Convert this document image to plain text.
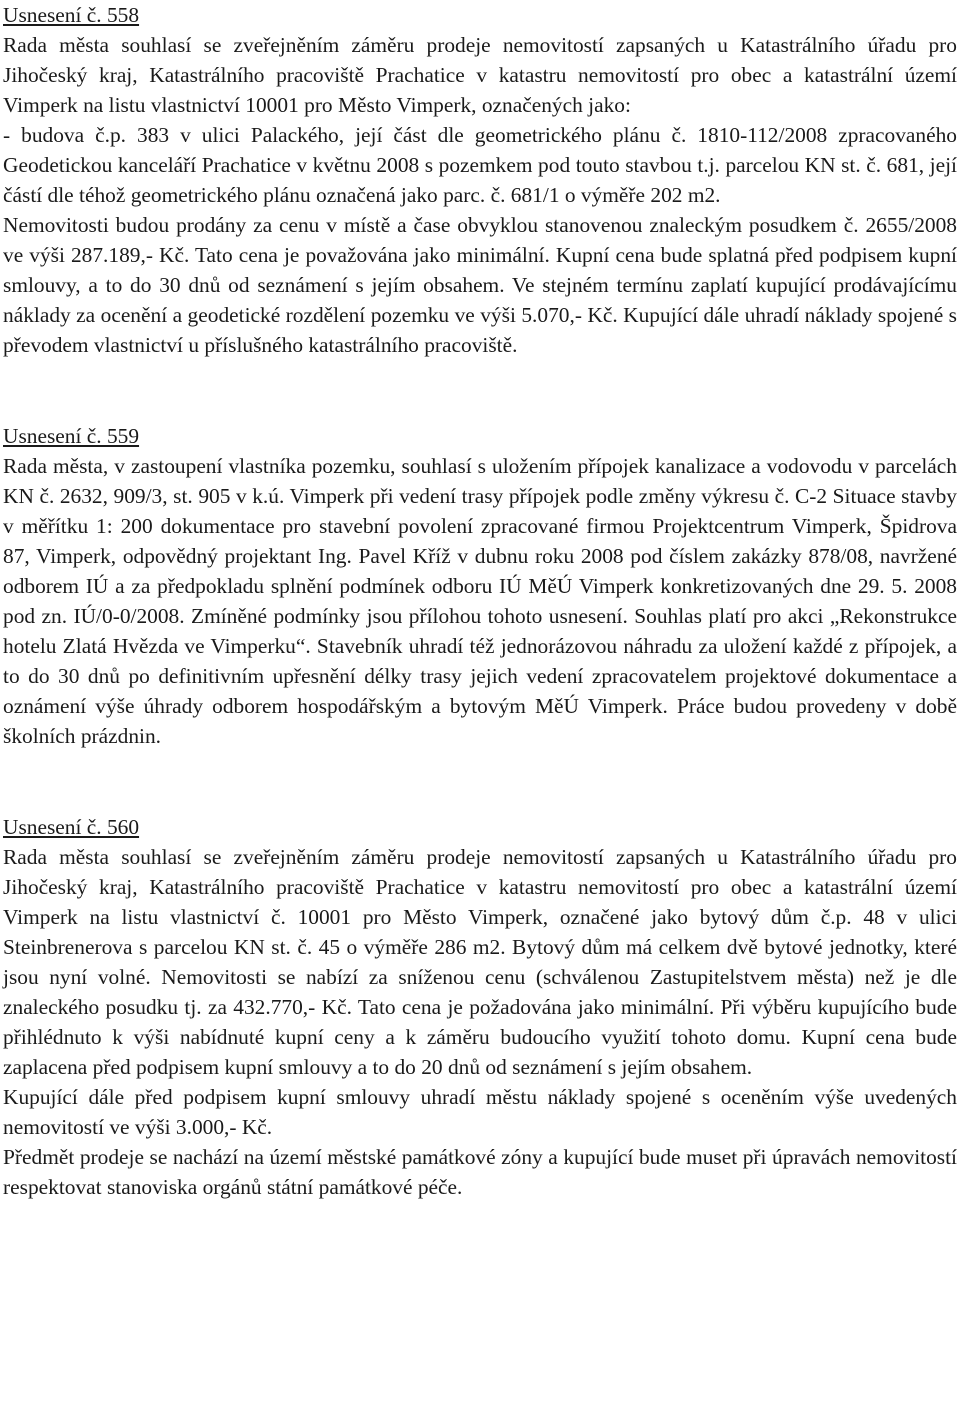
Usnesení č. 558

Rada města souhlasí se zveřejněním záměru prodeje nemovitostí zapsaných u Katastrálního úřadu pro Jihočeský kraj, Katastrálního pracoviště Prachatice v katastru nemovitostí pro obec a katastrální území Vimperk na listu vlastnictví 10001 pro Město Vimperk, označených jako:

- budova č.p. 383 v ulici Palackého, její část dle geometrického plánu č. 1810-112/2008 zpracovaného Geodetickou kanceláří Prachatice v květnu 2008 s pozemkem pod touto stavbou t.j. parcelou KN st. č. 681, její částí dle téhož geometrického plánu označená jako parc. č. 681/1 o výměře 202 m2.

Nemovitosti budou prodány za cenu v místě a čase obvyklou stanovenou znaleckým posudkem č. 2655/2008 ve výši 287.189,- Kč. Tato cena je považována jako minimální. Kupní cena bude splatná před podpisem kupní smlouvy, a to do 30 dnů od seznámení s jejím obsahem. Ve stejném termínu zaplatí kupující prodávajícímu náklady za ocenění a geodetické rozdělení pozemku ve výši 5.070,- Kč. Kupující dále uhradí náklady spojené s převodem vlastnictví u příslušného katastrálního pracoviště.

Usnesení č. 559

Rada města, v zastoupení vlastníka pozemku, souhlasí s uložením přípojek kanalizace a vodovodu v parcelách KN č. 2632, 909/3, st. 905 v k.ú. Vimperk při vedení trasy přípojek podle změny výkresu č. C-2 Situace stavby v měřítku 1: 200 dokumentace pro stavební povolení zpracované firmou Projektcentrum Vimperk, Špidrova 87, Vimperk, odpovědný projektant Ing. Pavel Kříž v dubnu roku 2008 pod číslem zakázky 878/08, navržené odborem IÚ a za předpokladu splnění podmínek odboru IÚ MěÚ Vimperk konkretizovaných dne 29. 5. 2008 pod zn. IÚ/0-0/2008. Zmíněné podmínky jsou přílohou tohoto usnesení. Souhlas platí pro akci „Rekonstrukce hotelu Zlatá Hvězda ve Vimperku“. Stavebník uhradí též jednorázovou náhradu za uložení každé z přípojek, a to do 30 dnů po definitivním upřesnění délky trasy jejich vedení zpracovatelem projektové dokumentace a oznámení výše úhrady odborem hospodářským a bytovým MěÚ Vimperk. Práce budou provedeny v době školních prázdnin.

Usnesení č. 560

Rada města souhlasí se zveřejněním záměru prodeje nemovitostí zapsaných u Katastrálního úřadu pro Jihočeský kraj, Katastrálního pracoviště Prachatice v katastru nemovitostí pro obec a katastrální území Vimperk na listu vlastnictví č. 10001 pro Město Vimperk, označené jako bytový dům č.p. 48 v ulici Steinbrenerova s parcelou KN st. č. 45 o výměře 286 m2. Bytový dům má celkem dvě bytové jednotky, které jsou nyní volné. Nemovitosti se nabízí za sníženou cenu (schválenou Zastupitelstvem města) než je dle znaleckého posudku tj. za 432.770,- Kč. Tato cena je požadována jako minimální. Při výběru kupujícího bude přihlédnuto k výši nabídnuté kupní ceny a k záměru budoucího využití tohoto domu. Kupní cena bude zaplacena před podpisem kupní smlouvy a to do 20 dnů od seznámení s jejím obsahem.

Kupující dále před podpisem kupní smlouvy uhradí městu náklady spojené s oceněním výše uvedených nemovitostí ve výši 3.000,- Kč.

Předmět prodeje se nachází na území městské památkové zóny a kupující bude muset při úpravách nemovitostí respektovat stanoviska orgánů státní památkové péče.
